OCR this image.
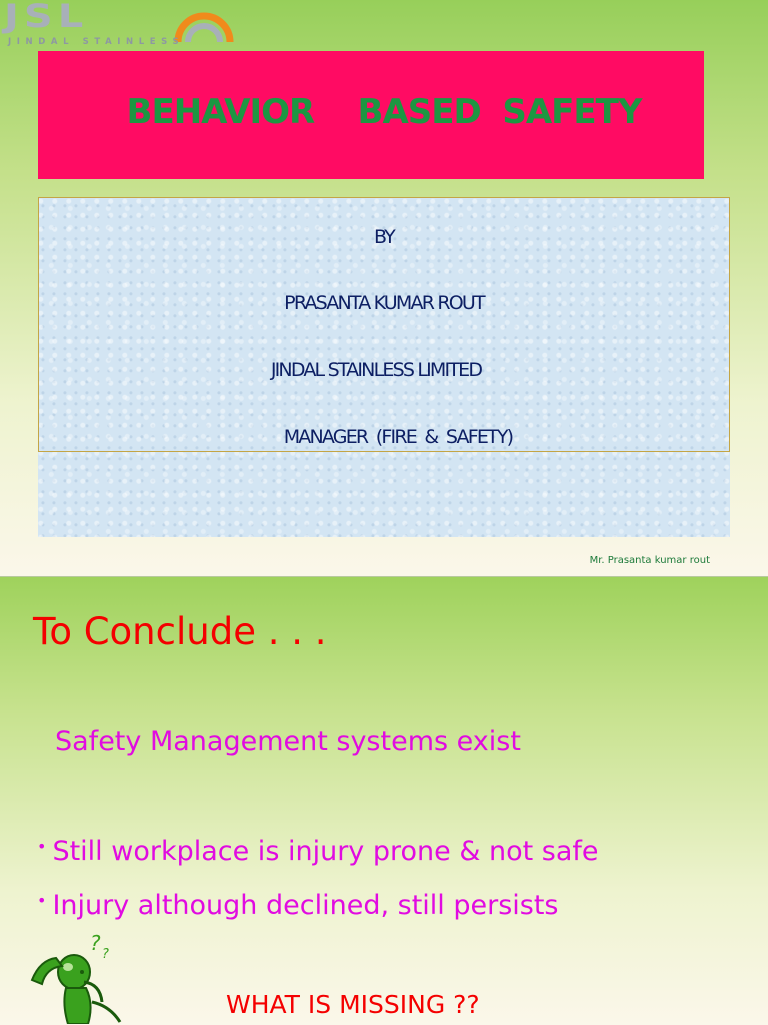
JSL
JINDAL STAINLESS
BEHAVIOR    BASED  SAFETY
BY
PRASANTA KUMAR ROUT
JINDAL STAINLESS LIMITED
MANAGER  (FIRE  &  SAFETY)
Mr. Prasanta kumar rout
To Conclude . . .
Safety Management systems exist
• Still workplace is injury prone & not safe
• Injury although declined, still persists
? ?
WHAT IS MISSING ??
